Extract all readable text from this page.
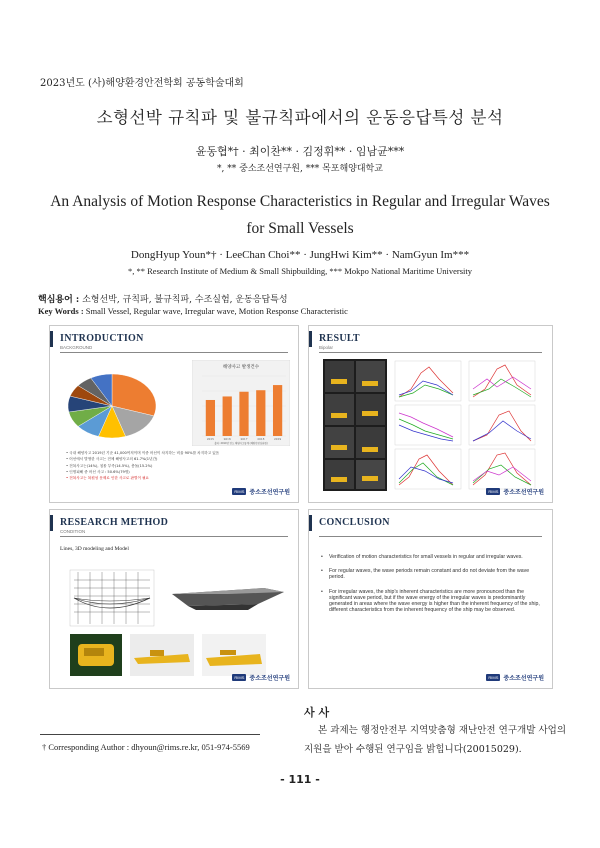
2023년도 (사)해양환경안전학회 공동학술대회
소형선박 규칙파 및 불규칙파에서의 운동응답특성 분석
윤동협*† · 최이찬** · 김정휘** · 임남균***
*, ** 중소조선연구원, *** 목포해양대학교
An Analysis of Motion Response Characteristics in Regular and Irregular Waves for Small Vessels
DongHyup Youn*† · LeeChan Choi** · JungHwi Kim** · NamGyun Im***
*, ** Research Institute of Medium & Small Shipbuilding, *** Mokpo National Maritime University
핵심용어 : 소형선박, 규칙파, 불규칙파, 수조실험, 운동응답특성
Key Words : Small Vessel, Regular wave, Irregular wave, Motion Response Characteristic
INTRODUCTION
BACKGROUND
해양사고 발생건수
출처: 2019년 연도 해양사고통계 (해양안전심판원)
2015	2016	2017	2018	2019
• 국내 해양사고 2019년 기준 41,000여척이며 이중 어선이 차지하는 비율 90%를 차지하고 있음
• 어선에서 발생한 사고는 전체 해양사고의 61.7%(1년간)
• 전복사고는(14%), 침몰 부족(14.5%), 충돌(15.2%)
• 인명피해 중 어선 사고 : 50.6%(79명)
• 전복사고는 복원성 문제로 인한 사고로 판별이 필요
RIMS 중소조선연구원
RESULT
Bipolar
RIMS 중소조선연구원
RESEARCH METHOD
CONDITION
Lines, 3D modeling and Model
RIMS 중소조선연구원
CONCLUSION
• Verification of motion characteristics for small vessels in regular and irregular waves.
• For regular waves, the wave periods remain constant and do not deviate from the wave period.
• For irregular waves, the ship's inherent characteristics are more pronounced than the significant wave period, but if the wave energy of the irregular waves is predominantly generated in areas where the wave energy is higher than the inherent frequency of the ship, different characteristics from the inherent frequency of the ship may be observed.
RIMS 중소조선연구원
사 사
본 과제는 행정안전부 지역맞춤형 재난안전 연구개발 사업의 지원을 받아 수행된 연구임을 밝힙니다(20015029).
† Corresponding Author : dhyoun@rims.re.kr, 051-974-5569
- 111 -
